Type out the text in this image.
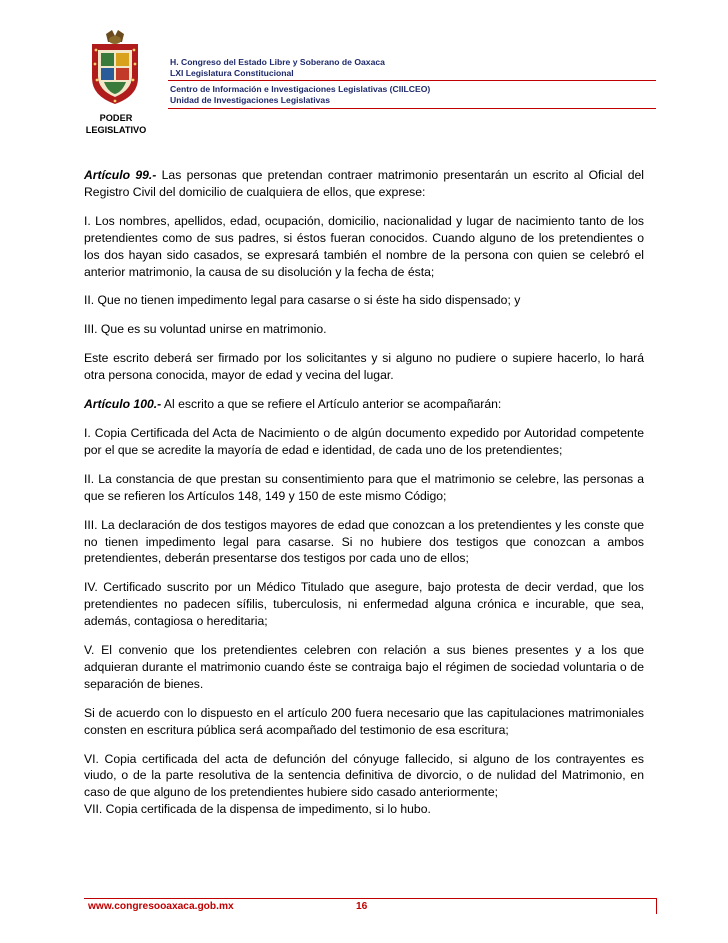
H. Congreso del Estado Libre y Soberano de Oaxaca
LXI Legislatura Constitucional
Centro de Información e Investigaciones Legislativas (CIILCEO)
Unidad de Investigaciones Legislativas
PODER
LEGISLATIVO

Artículo 99.- Las personas que pretendan contraer matrimonio presentarán un escrito al Oficial del Registro Civil del domicilio de cualquiera de ellos, que exprese:

I. Los nombres, apellidos, edad, ocupación, domicilio, nacionalidad y lugar de nacimiento tanto de los pretendientes como de sus padres, si éstos fueran conocidos. Cuando alguno de los pretendientes o los dos hayan sido casados, se expresará también el nombre de la persona con quien se celebró el anterior matrimonio, la causa de su disolución y la fecha de ésta;

II. Que no tienen impedimento legal para casarse o si éste ha sido dispensado; y

III. Que es su voluntad unirse en matrimonio.

Este escrito deberá ser firmado por los solicitantes y si alguno no pudiere o supiere hacerlo, lo hará otra persona conocida, mayor de edad y vecina del lugar.

Artículo 100.- Al escrito a que se refiere el Artículo anterior se acompañarán:

I. Copia Certificada del Acta de Nacimiento o de algún documento expedido por Autoridad competente por el que se acredite la mayoría de edad e identidad, de cada uno de los pretendientes;

II. La constancia de que prestan su consentimiento para que el matrimonio se celebre, las personas a que se refieren los Artículos 148, 149 y 150 de este mismo Código;

III. La declaración de dos testigos mayores de edad que conozcan a los pretendientes y les conste que no tienen impedimento legal para casarse. Si no hubiere dos testigos que conozcan a ambos pretendientes, deberán presentarse dos testigos por cada uno de ellos;

IV. Certificado suscrito por un Médico Titulado que asegure, bajo protesta de decir verdad, que los pretendientes no padecen sífilis, tuberculosis, ni enfermedad alguna crónica e incurable, que sea, además, contagiosa o hereditaria;

V. El convenio que los pretendientes celebren con relación a sus bienes presentes y a los que adquieran durante el matrimonio cuando éste se contraiga bajo el régimen de sociedad voluntaria o de separación de bienes.

Si de acuerdo con lo dispuesto en el artículo 200 fuera necesario que las capitulaciones matrimoniales consten en escritura pública será acompañado del testimonio de esa escritura;

VI. Copia certificada del acta de defunción del cónyuge fallecido, si alguno de los contrayentes es viudo, o de la parte resolutiva de la sentencia definitiva de divorcio, o de nulidad del Matrimonio, en caso de que alguno de los pretendientes hubiere sido casado anteriormente;

VII. Copia certificada de la dispensa de impedimento, si lo hubo.

www.congresooaxaca.gob.mx	16
